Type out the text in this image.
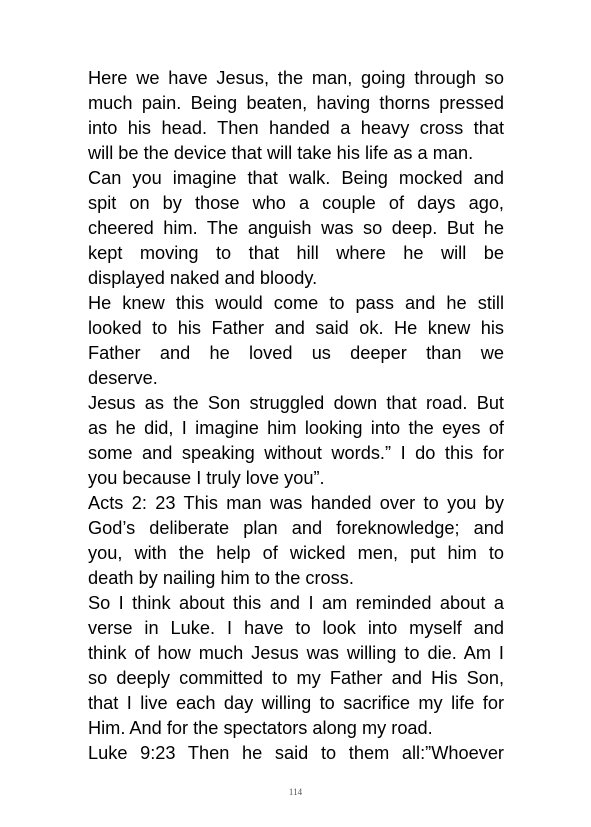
Here we have Jesus, the man, going through so
much pain. Being beaten, having thorns pressed
into his head. Then handed a heavy cross that
will be the device that will take his life as a man.
Can you imagine that walk. Being mocked and
spit on by those who a couple of days ago,
cheered him. The anguish was so deep. But he
kept moving to that hill where he will be
displayed naked and bloody.
He knew this would come to pass and he still
looked to his Father and said ok. He knew his
Father and he loved us deeper than we
deserve.
Jesus as the Son struggled down that road. But
as he did, I imagine him looking into the eyes of
some and speaking without words.” I do this for
you because I truly love you”.
Acts 2: 23 This man was handed over to you by
God’s deliberate plan and foreknowledge; and
you, with the help of wicked men, put him to
death by nailing him to the cross.
So I think about this and I am reminded about a
verse in Luke. I have to look into myself and
think of how much Jesus was willing to die. Am I
so deeply committed to my Father and His Son,
that I live each day willing to sacrifice my life for
Him. And for the spectators along my road.
Luke 9:23 Then he said to them all:”Whoever
114
